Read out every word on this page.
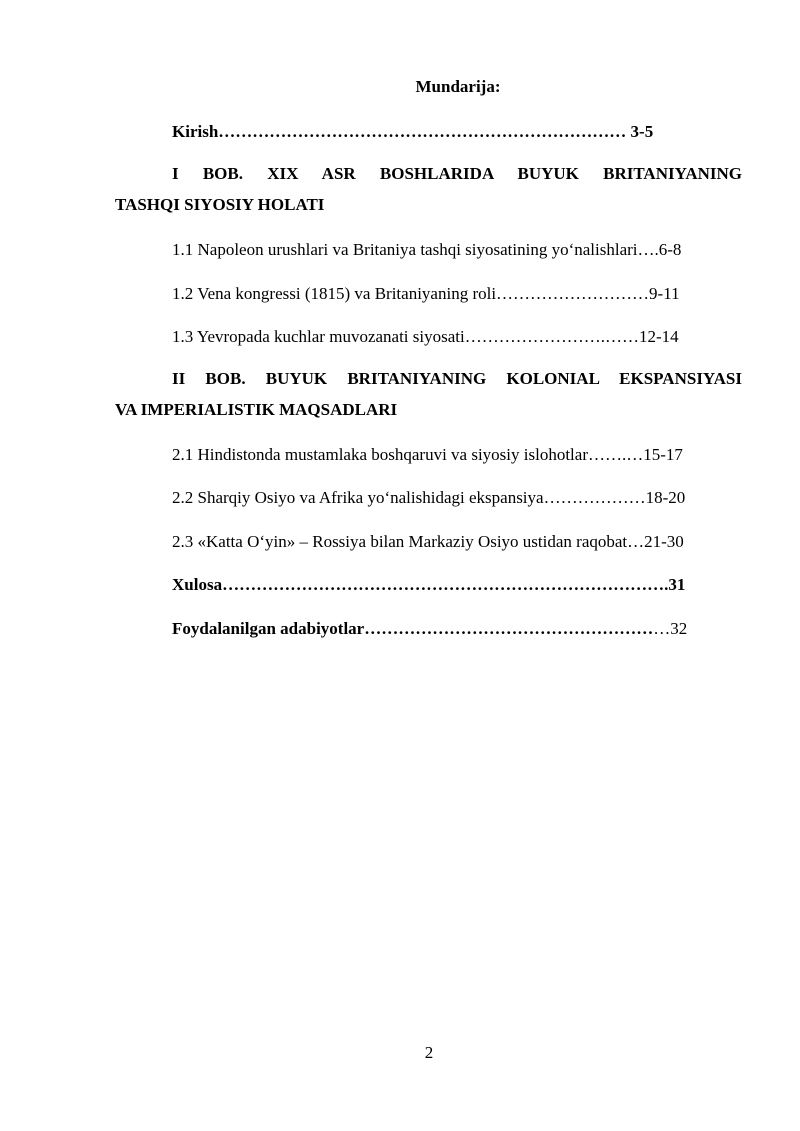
Mundarija:
Kirish……………………………………………………………… 3-5
I BOB. XIX ASR BOSHLARIDA BUYUK BRITANIYANING
TASHQI SIYOSIY HOLATI
1.1 Napoleon urushlari va Britaniya tashqi siyosatining yo‘nalishlari….6-8
1.2 Vena kongressi (1815) va Britaniyaning roli………………………9-11
1.3 Yevropada kuchlar muvozanati siyosati…………………….……12-14
II BOB. BUYUK BRITANIYANING KOLONIAL EKSPANSIYASI
VA IMPERIALISTIK MAQSADLARI
2.1 Hindistonda mustamlaka boshqaruvi va siyosiy islohotlar…….…15-17
2.2 Sharqiy Osiyo va Afrika yo‘nalishidagi ekspansiya………………18-20
2.3 «Katta O‘yin» – Rossiya bilan Markaziy Osiyo ustidan raqobat…21-30
Xulosa…………………………………………………………………….31
Foydalanilgan adabiyotlar………………………………………………32
2
